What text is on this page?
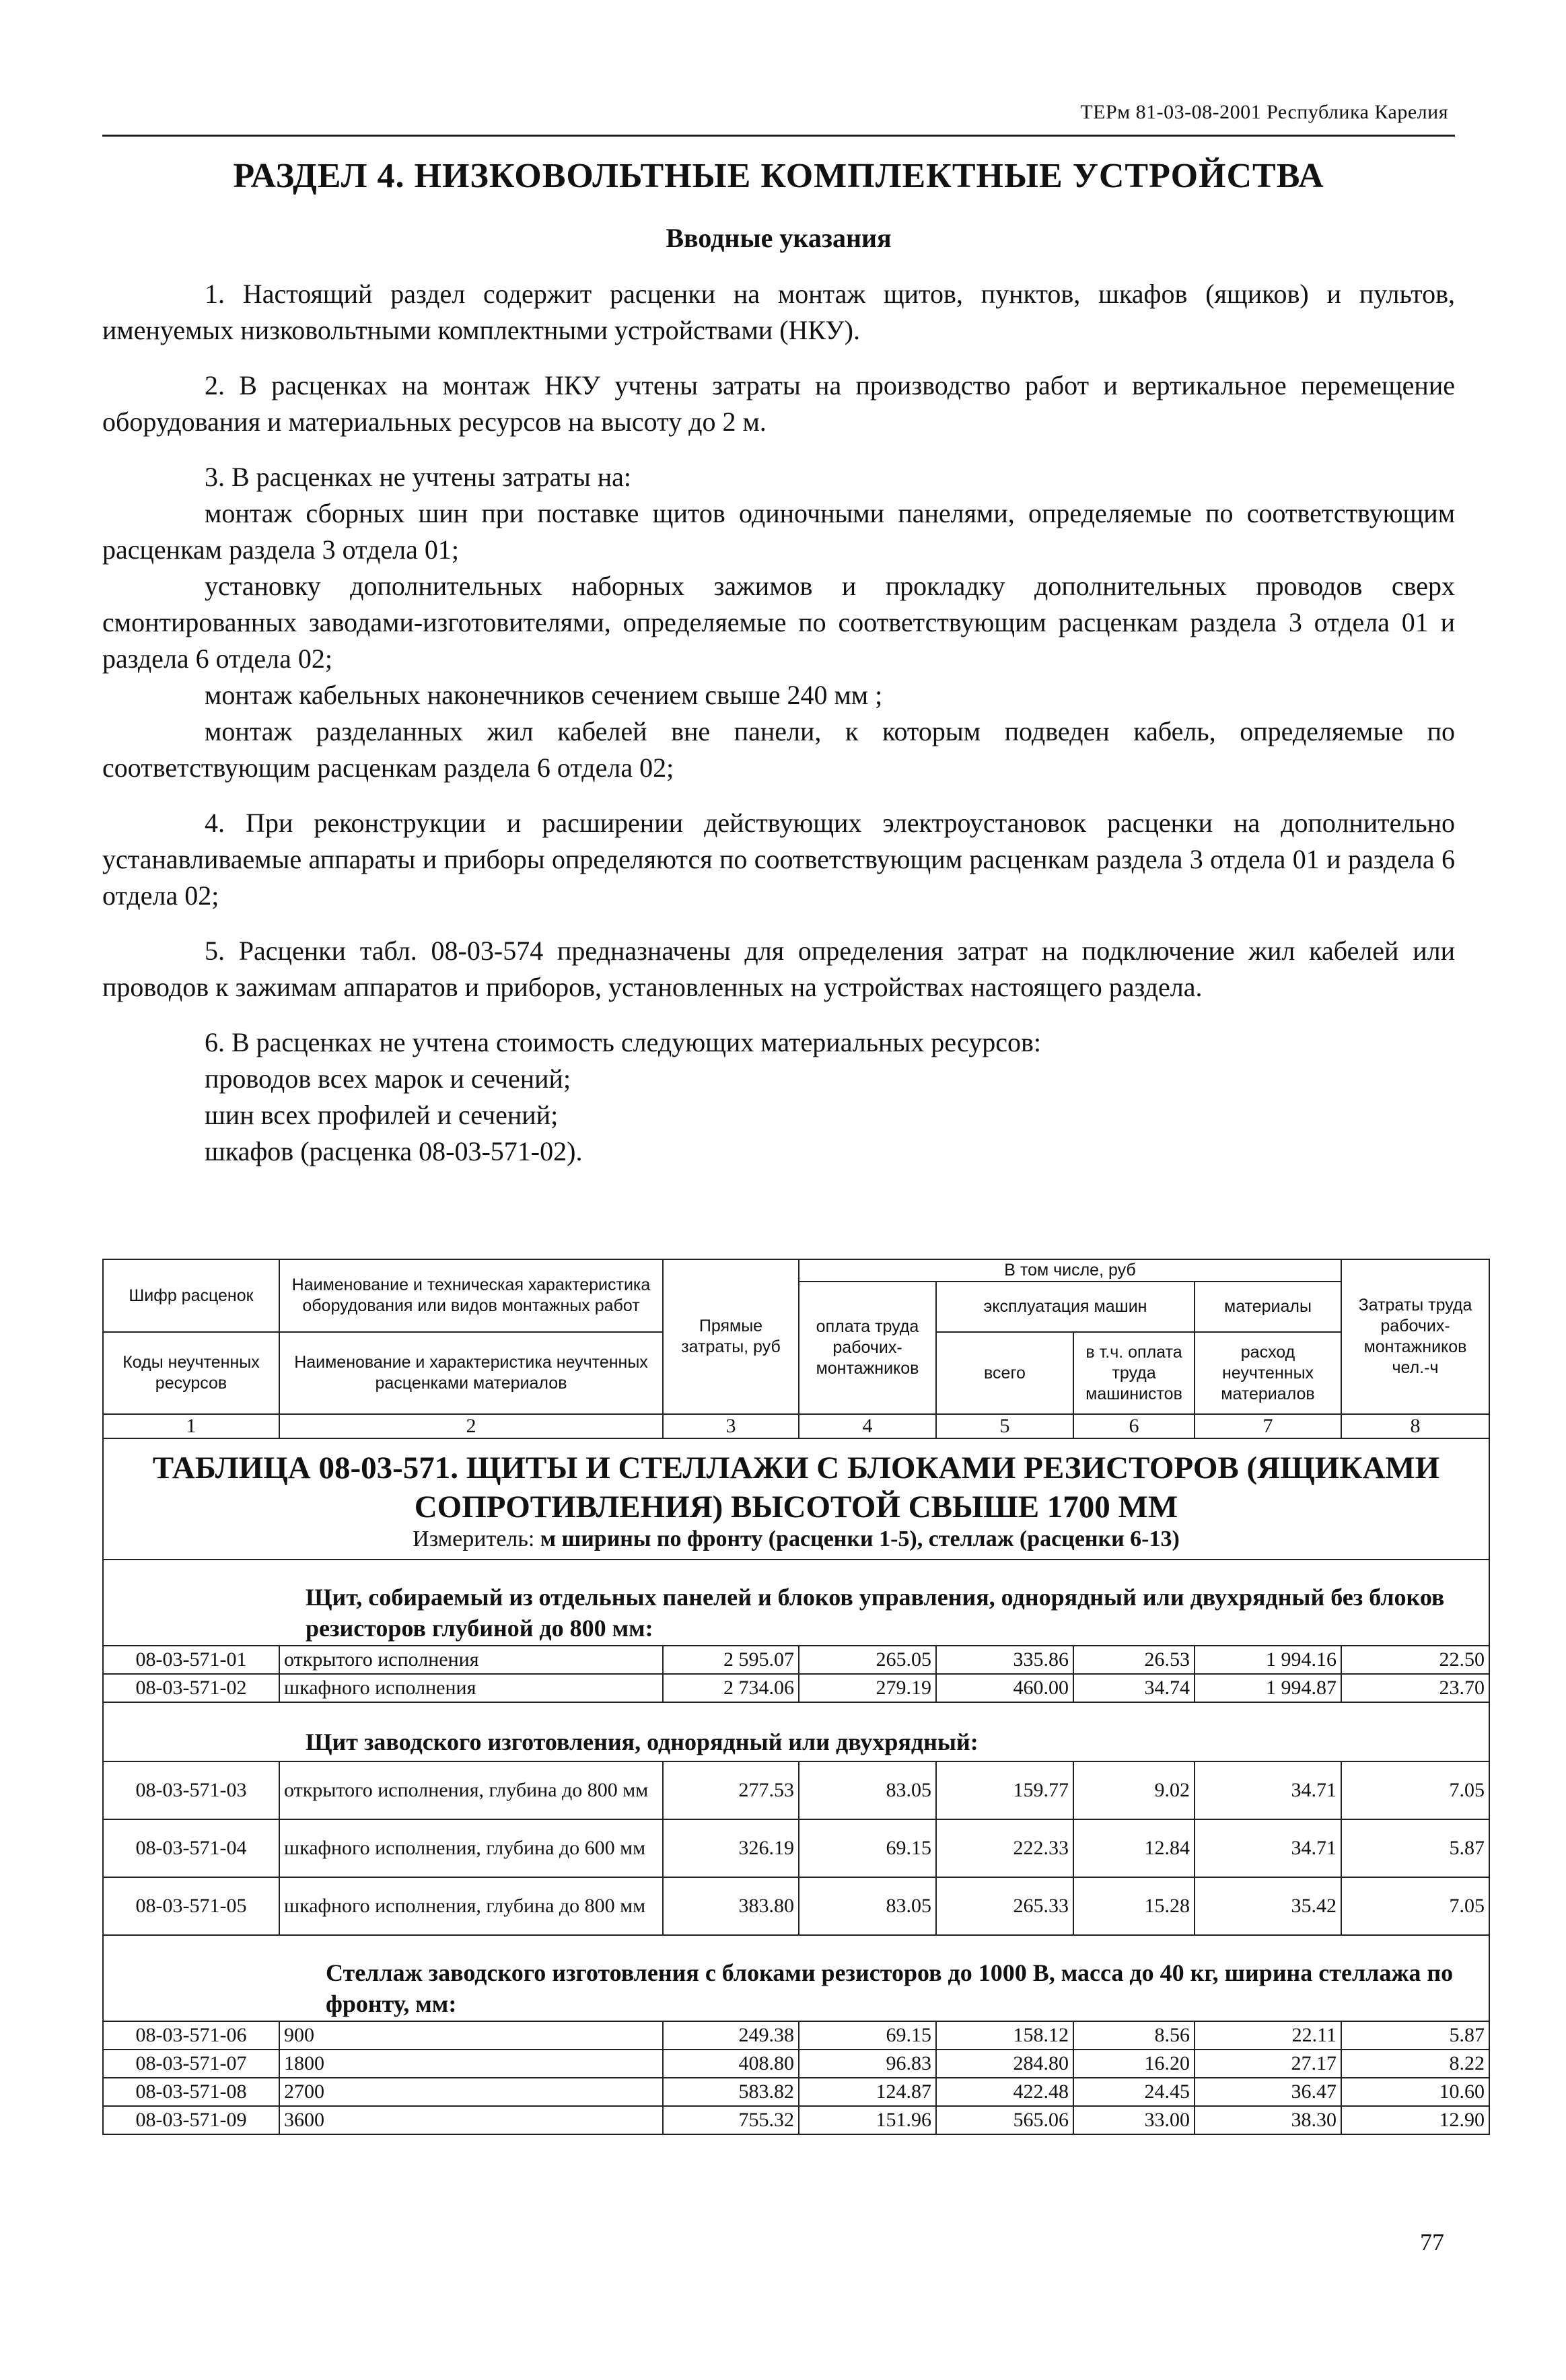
ТЕРм 81-03-08-2001 Республика Карелия
РАЗДЕЛ 4. НИЗКОВОЛЬТНЫЕ КОМПЛЕКТНЫЕ УСТРОЙСТВА
Вводные указания

1. Настоящий раздел содержит расценки на монтаж щитов, пунктов, шкафов (ящиков) и пультов, именуемых низковольтными комплектными устройствами (НКУ).

2. В расценках на монтаж НКУ учтены затраты на производство работ и вертикальное перемещение оборудования и материальных ресурсов на высоту до 2 м.

3. В расценках не учтены затраты на:

монтаж сборных шин при поставке щитов одиночными панелями, определяемые по соответствующим расценкам раздела 3 отдела 01;

установку дополнительных наборных зажимов и прокладку дополнительных проводов сверх смонтированных заводами-изготовителями, определяемые по соответствующим расценкам раздела 3 отдела 01 и раздела 6 отдела 02;

монтаж кабельных наконечников сечением свыше 240 мм ;

монтаж разделанных жил кабелей вне панели, к которым подведен кабель, определяемые по соответствующим расценкам раздела 6 отдела 02;

4. При реконструкции и расширении действующих электроустановок расценки на дополнительно устанавливаемые аппараты и приборы определяются по соответствующим расценкам раздела 3 отдела 01 и раздела 6 отдела 02;

5. Расценки табл. 08-03-574 предназначены для определения затрат на подключение жил кабелей или проводов к зажимам аппаратов и приборов, установленных на устройствах настоящего раздела.

6. В расценках не учтена стоимость следующих материальных ресурсов:

проводов всех марок и сечений;

шин всех профилей и сечений;

шкафов (расценка 08-03-571-02).

Шифр расценок	Наименование и техническая характеристика оборудования или видов монтажных работ	Прямые затраты, руб	В том числе, руб				Затраты труда рабочих-монтажников чел.-ч
			оплата труда рабочих-монтажников	эксплуатация машин		материалы	
Коды неучтенных ресурсов	Наименование и характеристика неучтенных расценками материалов			всего	в т.ч. оплата труда машинистов	расход неучтенных материалов	

1	2	3	4	5	6	7	8
ТАБЛИЦА 08-03-571. ЩИТЫ И СТЕЛЛАЖИ С БЛОКАМИ РЕЗИСТОРОВ (ЯЩИКАМИ СОПРОТИВЛЕНИЯ) ВЫСОТОЙ СВЫШЕ 1700 ММ							
Измеритель: м ширины по фронту (расценки 1-5), стеллаж (расценки 6-13)							
Щит, собираемый из отдельных панелей и блоков управления, однорядный или двухрядный без блоков резисторов глубиной до 800 мм:							
08-03-571-01	открытого исполнения	2 595.07	265.05	335.86	26.53	1 994.16	22.50
08-03-571-02	шкафного исполнения	2 734.06	279.19	460.00	34.74	1 994.87	23.70
Щит заводского изготовления, однорядный или двухрядный:							
08-03-571-03	открытого исполнения, глубина до 800 мм	277.53	83.05	159.77	9.02	34.71	7.05
08-03-571-04	шкафного исполнения, глубина до 600 мм	326.19	69.15	222.33	12.84	34.71	5.87
08-03-571-05	шкафного исполнения, глубина до 800 мм	383.80	83.05	265.33	15.28	35.42	7.05
Стеллаж заводского изготовления с блоками резисторов до 1000 В, масса до 40 кг, ширина стеллажа по фронту, мм:							
08-03-571-06	900	249.38	69.15	158.12	8.56	22.11	5.87
08-03-571-07	1800	408.80	96.83	284.80	16.20	27.17	8.22
08-03-571-08	2700	583.82	124.87	422.48	24.45	36.47	10.60
08-03-571-09	3600	755.32	151.96	565.06	33.00	38.30	12.90
77
